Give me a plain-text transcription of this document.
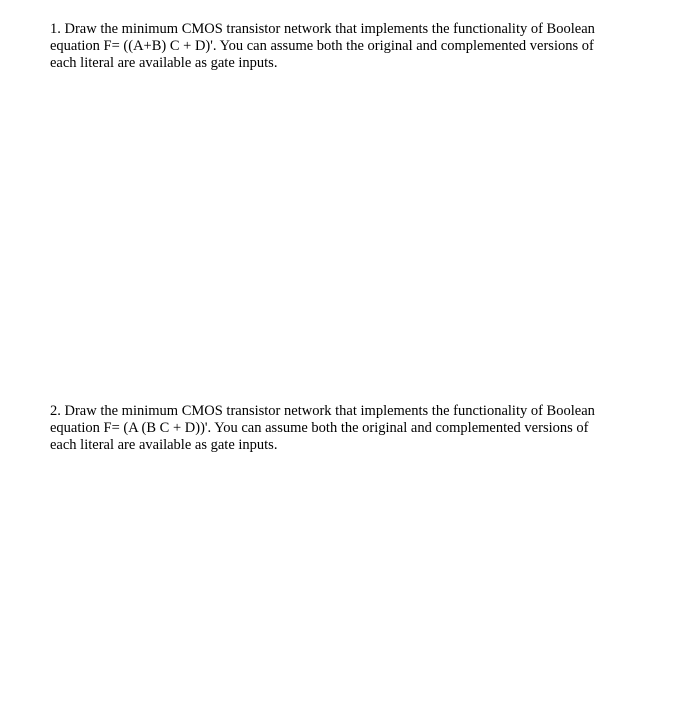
1. Draw the minimum CMOS transistor network that implements the functionality of Boolean

equation F= ((A+B) C + D)'. You can assume both the original and complemented versions of

each literal are available as gate inputs.

2. Draw the minimum CMOS transistor network that implements the functionality of Boolean

equation F= (A (B C + D))'. You can assume both the original and complemented versions of

each literal are available as gate inputs.
